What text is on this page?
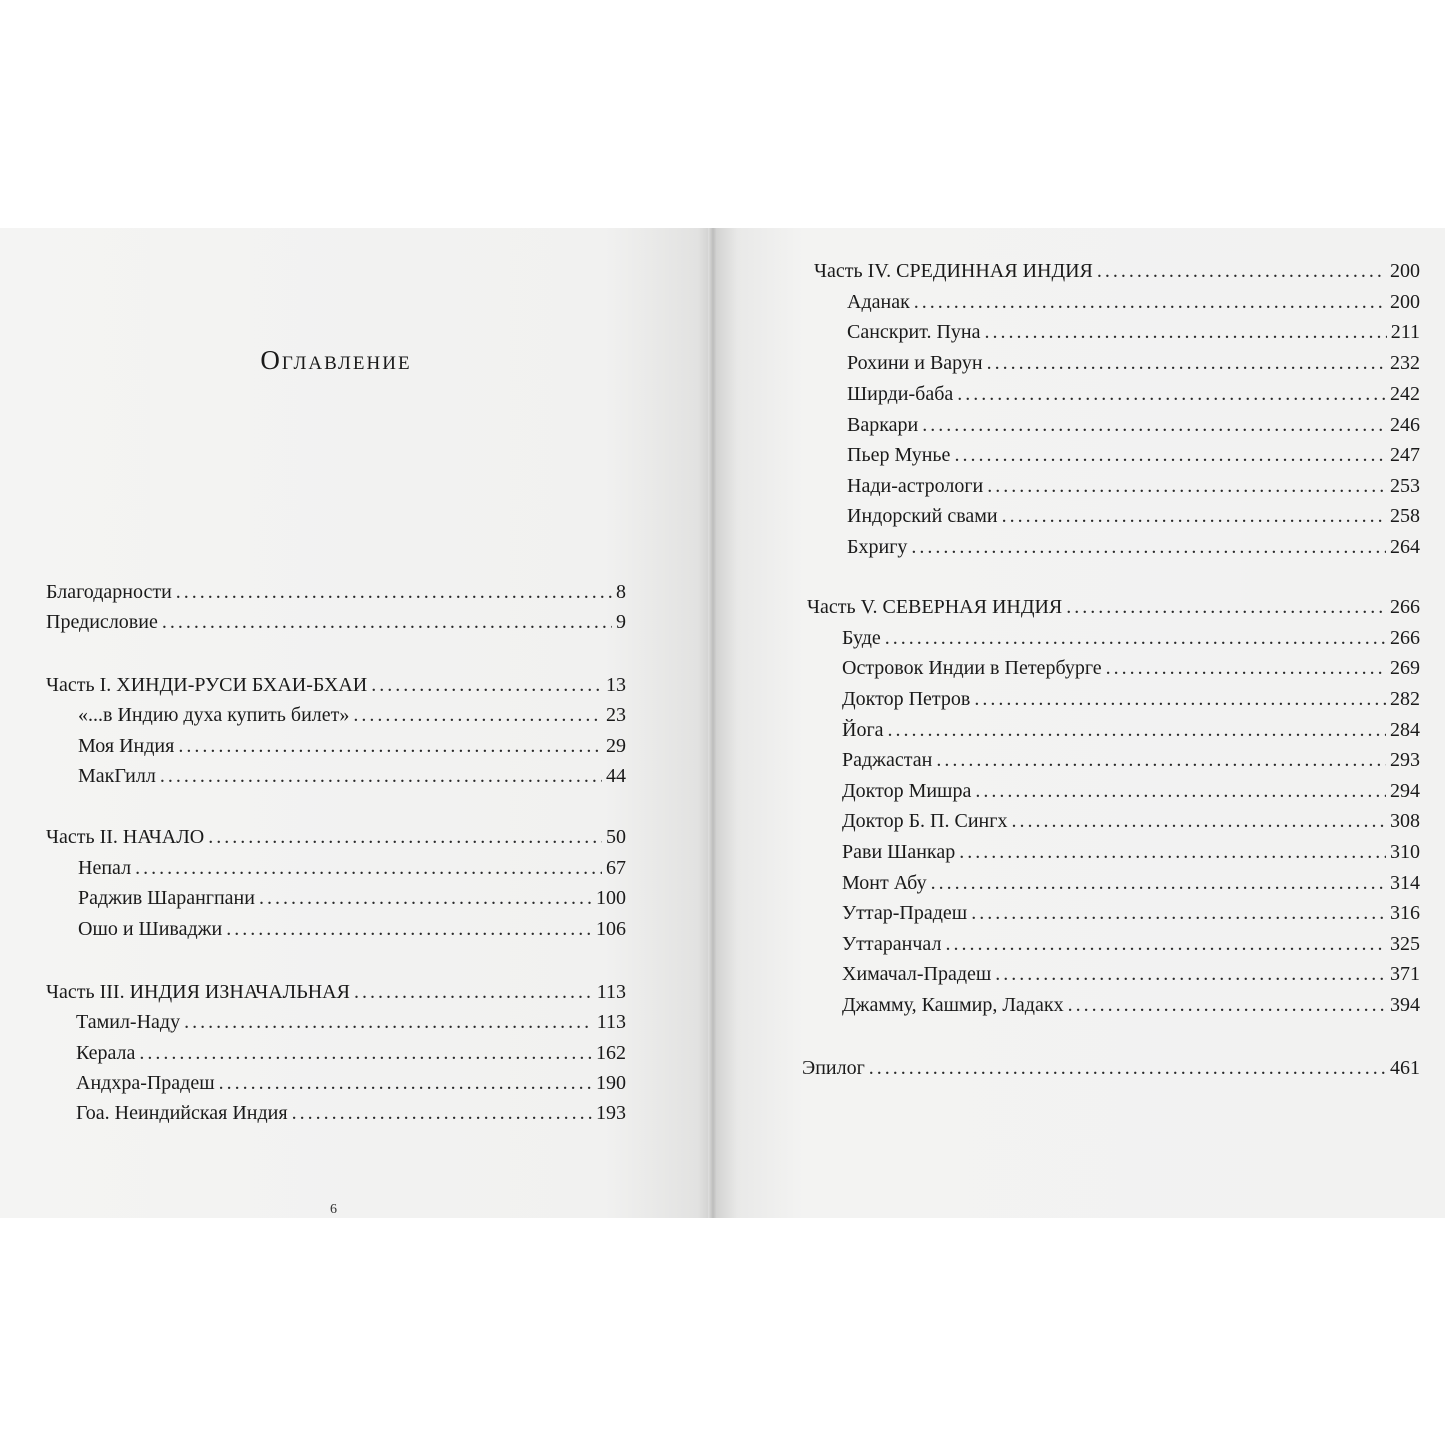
Оглавление
Благодарности .....	8
Предисловие .....	9
Часть I. ХИНДИ-РУСИ БХАИ-БХАИ .....	13
«...в Индию духа купить билет» .....	23
Моя Индия .....	29
МакГилл .....	44
Часть II. НАЧАЛО .....	50
Непал .....	67
Раджив Шарангпани .....	100
Ошо и Шиваджи .....	106
Часть III. ИНДИЯ ИЗНАЧАЛЬНАЯ .....	113
Тамил-Наду .....	113
Керала .....	162
Андхра-Прадеш .....	190
Гоа. Неиндийская Индия .....	193
6
Часть IV. СРЕДИННАЯ ИНДИЯ .....	200
Аданак .....	200
Санскрит. Пуна .....	211
Рохини и Варун .....	232
Ширди-баба .....	242
Варкари .....	246
Пьер Мунье .....	247
Нади-астрологи .....	253
Индорский свами .....	258
Бхригу .....	264
Часть V. СЕВЕРНАЯ ИНДИЯ .....	266
Буде .....	266
Островок Индии в Петербурге .....	269
Доктор Петров .....	282
Йога .....	284
Раджастан .....	293
Доктор Мишра .....	294
Доктор Б. П. Сингх .....	308
Рави Шанкар .....	310
Монт Абу .....	314
Уттар-Прадеш .....	316
Уттаранчал .....	325
Химачал-Прадеш .....	371
Джамму, Кашмир, Ладакх .....	394
Эпилог .....	461
